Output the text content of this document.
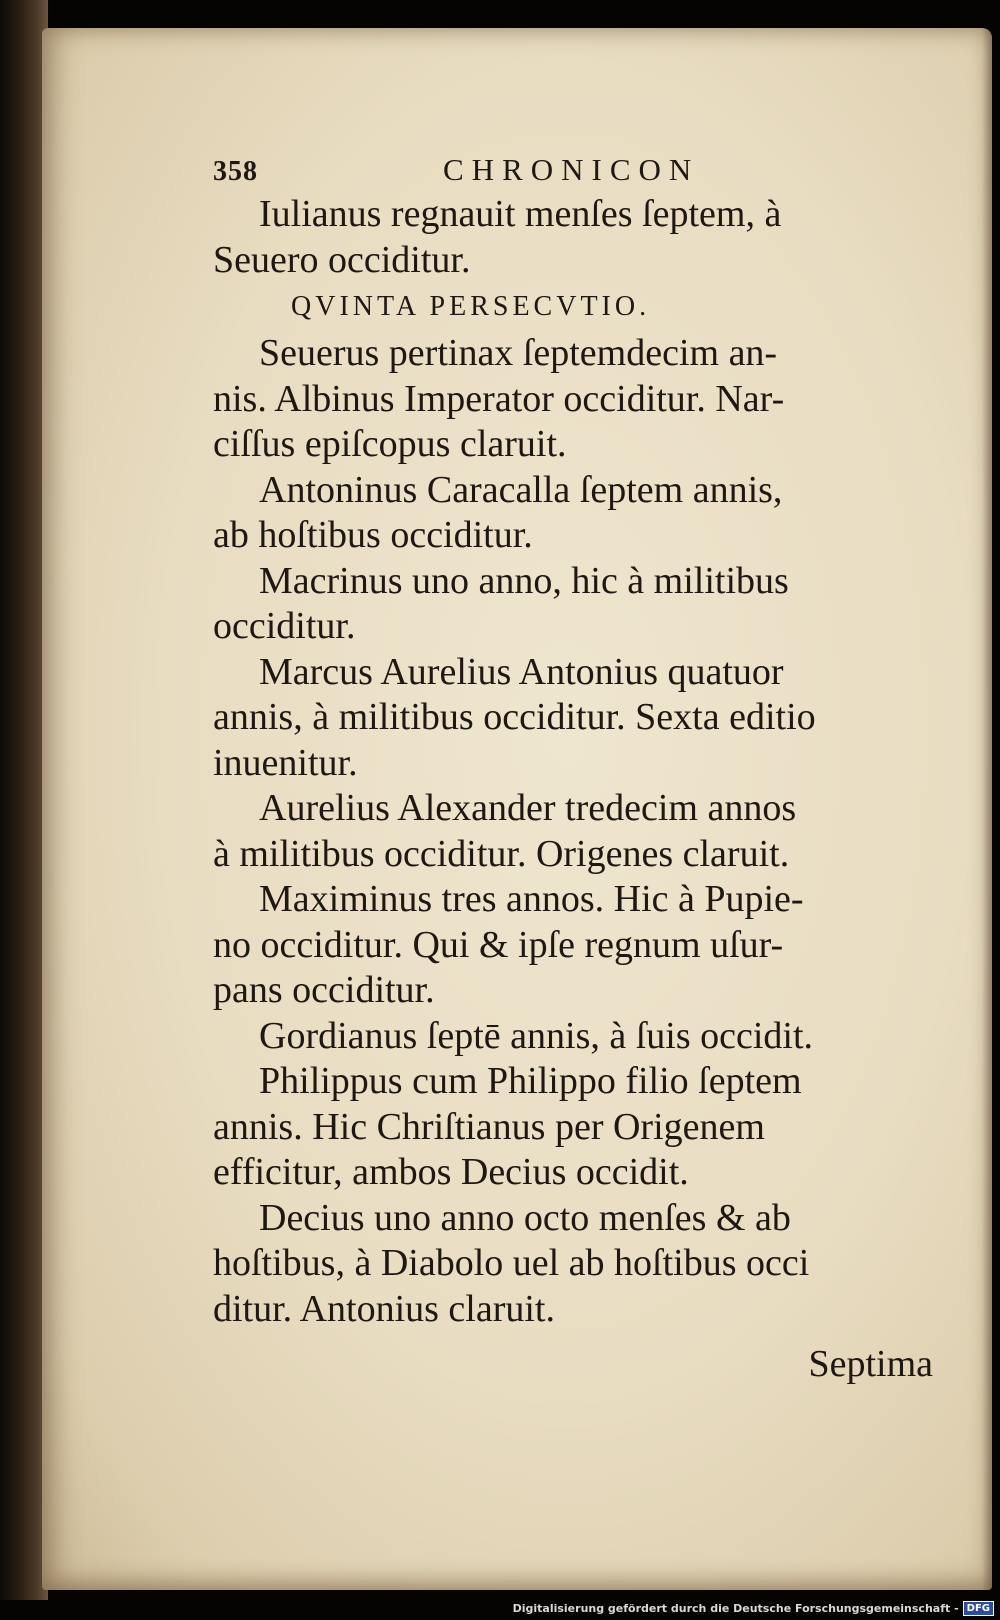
358	CHRONICON
Iulianus regnauit menſes ſeptem, à
Seuero occiditur.
QVINTA PERSECVTIO.
Seuerus pertinax ſeptemdecim an-
nis. Albinus Imperator occiditur. Nar-
ciſſus epiſcopus claruit.
Antoninus Caracalla ſeptem annis,
ab hoſtibus occiditur.
Macrinus uno anno, hic à militibus
occiditur.
Marcus Aurelius Antonius quatuor
annis, à militibus occiditur. Sexta editio
inuenitur.
Aurelius Alexander tredecim annos
à militibus occiditur. Origenes claruit.
Maximinus tres annos. Hic à Pupie-
no occiditur. Qui & ipſe regnum uſur-
pans occiditur.
Gordianus ſeptē annis, à ſuis occidit.
Philippus cum Philippo filio ſeptem
annis. Hic Chriſtianus per Origenem
efficitur, ambos Decius occidit.
Decius uno anno octo menſes & ab
hoſtibus, à Diabolo uel ab hoſtibus occi
ditur. Antonius claruit.
Septima
Digitalisierung gefördert durch die Deutsche Forschungsgemeinschaft - DFG
